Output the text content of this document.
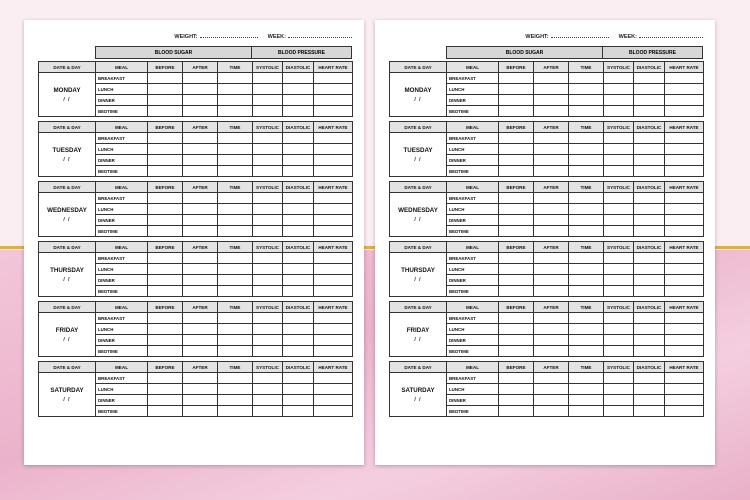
WEIGHT:	WEEK:
BLOOD SUGAR	BLOOD PRESSURE
DATE & DAY	MEAL	BEFORE	AFTER	TIME	SYSTOLIC	DIASTOLIC	HEART RATE

MONDAY
/ /	BREAKFAST						
	LUNCH						
	DINNER						
	BEDTIME						
DATE & DAY	MEAL	BEFORE	AFTER	TIME	SYSTOLIC	DIASTOLIC	HEART RATE

TUESDAY
/ /	BREAKFAST						
	LUNCH						
	DINNER						
	BEDTIME						
DATE & DAY	MEAL	BEFORE	AFTER	TIME	SYSTOLIC	DIASTOLIC	HEART RATE

WEDNESDAY
/ /	BREAKFAST						
	LUNCH						
	DINNER						
	BEDTIME						
DATE & DAY	MEAL	BEFORE	AFTER	TIME	SYSTOLIC	DIASTOLIC	HEART RATE

THURSDAY
/ /	BREAKFAST						
	LUNCH						
	DINNER						
	BEDTIME						
DATE & DAY	MEAL	BEFORE	AFTER	TIME	SYSTOLIC	DIASTOLIC	HEART RATE

FRIDAY
/ /	BREAKFAST						
	LUNCH						
	DINNER						
	BEDTIME						
DATE & DAY	MEAL	BEFORE	AFTER	TIME	SYSTOLIC	DIASTOLIC	HEART RATE

SATURDAY
/ /	BREAKFAST						
	LUNCH						
	DINNER						
	BEDTIME						
WEIGHT:	WEEK:
BLOOD SUGAR	BLOOD PRESSURE
DATE & DAY	MEAL	BEFORE	AFTER	TIME	SYSTOLIC	DIASTOLIC	HEART RATE

MONDAY
/ /	BREAKFAST						
	LUNCH						
	DINNER						
	BEDTIME						
DATE & DAY	MEAL	BEFORE	AFTER	TIME	SYSTOLIC	DIASTOLIC	HEART RATE

TUESDAY
/ /	BREAKFAST						
	LUNCH						
	DINNER						
	BEDTIME						
DATE & DAY	MEAL	BEFORE	AFTER	TIME	SYSTOLIC	DIASTOLIC	HEART RATE

WEDNESDAY
/ /	BREAKFAST						
	LUNCH						
	DINNER						
	BEDTIME						
DATE & DAY	MEAL	BEFORE	AFTER	TIME	SYSTOLIC	DIASTOLIC	HEART RATE

THURSDAY
/ /	BREAKFAST						
	LUNCH						
	DINNER						
	BEDTIME						
DATE & DAY	MEAL	BEFORE	AFTER	TIME	SYSTOLIC	DIASTOLIC	HEART RATE

FRIDAY
/ /	BREAKFAST						
	LUNCH						
	DINNER						
	BEDTIME						
DATE & DAY	MEAL	BEFORE	AFTER	TIME	SYSTOLIC	DIASTOLIC	HEART RATE

SATURDAY
/ /	BREAKFAST						
	LUNCH						
	DINNER						
	BEDTIME						
